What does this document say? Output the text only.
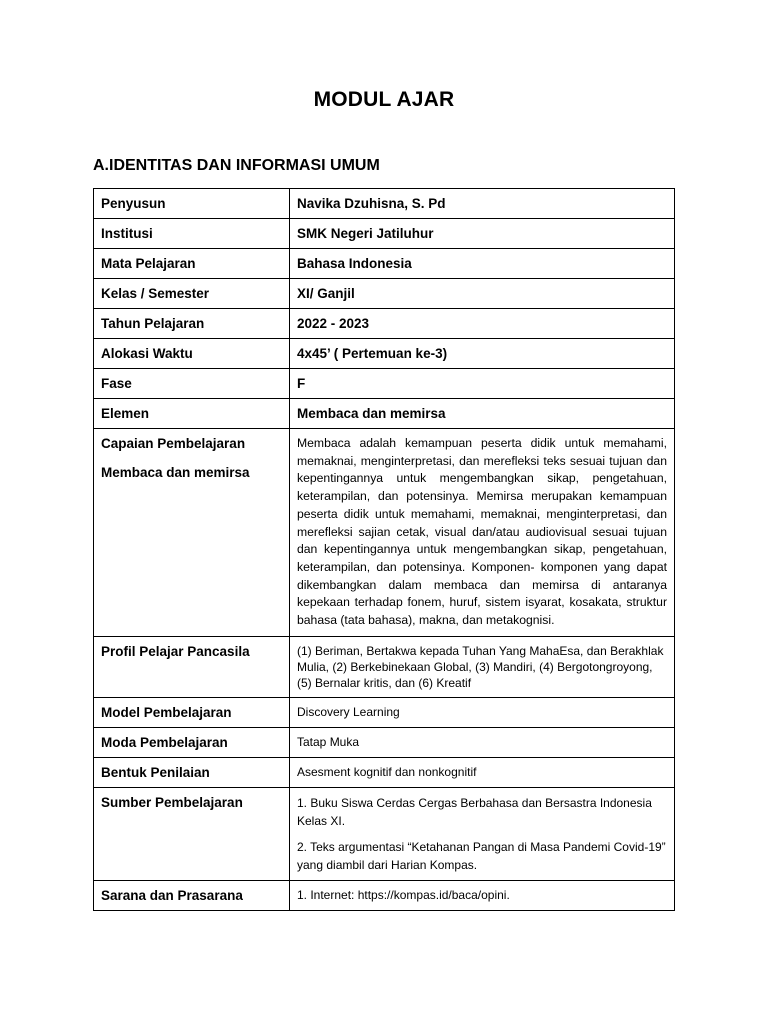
MODUL AJAR
A.IDENTITAS DAN INFORMASI UMUM
Penyusun	Navika Dzuhisna, S. Pd
Institusi	SMK Negeri Jatiluhur
Mata Pelajaran	Bahasa Indonesia
Kelas / Semester	XI/ Ganjil
Tahun Pelajaran	2022 - 2023
Alokasi Waktu	4x45’ ( Pertemuan ke-3)
Fase	F
Elemen	Membaca dan memirsa
Capaian Pembelajaran
Membaca dan memirsa	Membaca adalah kemampuan peserta didik untuk memahami, memaknai, menginterpretasi, dan merefleksi teks sesuai tujuan dan kepentingannya untuk mengembangkan sikap, pengetahuan, keterampilan, dan potensinya. Memirsa merupakan kemampuan peserta didik untuk memahami, memaknai, menginterpretasi, dan merefleksi sajian cetak, visual dan/atau audiovisual sesuai tujuan dan kepentingannya untuk mengembangkan sikap, pengetahuan, keterampilan, dan potensinya. Komponen- komponen yang dapat dikembangkan dalam membaca dan memirsa di antaranya kepekaan terhadap fonem, huruf, sistem isyarat, kosakata, struktur bahasa (tata bahasa), makna, dan metakognisi.

Profil Pelajar Pancasila	(1) Beriman, Bertakwa kepada Tuhan Yang MahaEsa, dan Berakhlak Mulia, (2) Berkebinekaan Global, (3) Mandiri, (4) Bergotongroyong, (5) Bernalar kritis, dan (6) Kreatif
Model Pembelajaran	Discovery Learning
Moda Pembelajaran	Tatap Muka
Bentuk Penilaian	Asesment kognitif dan nonkognitif
Sumber Pembelajaran	1. Buku Siswa Cerdas Cergas Berbahasa dan Bersastra Indonesia Kelas XI.
2. Teks argumentasi “Ketahanan Pangan di Masa Pandemi Covid-19” yang diambil dari Harian Kompas.

Sarana dan Prasarana	1. Internet: https://kompas.id/baca/opini.
